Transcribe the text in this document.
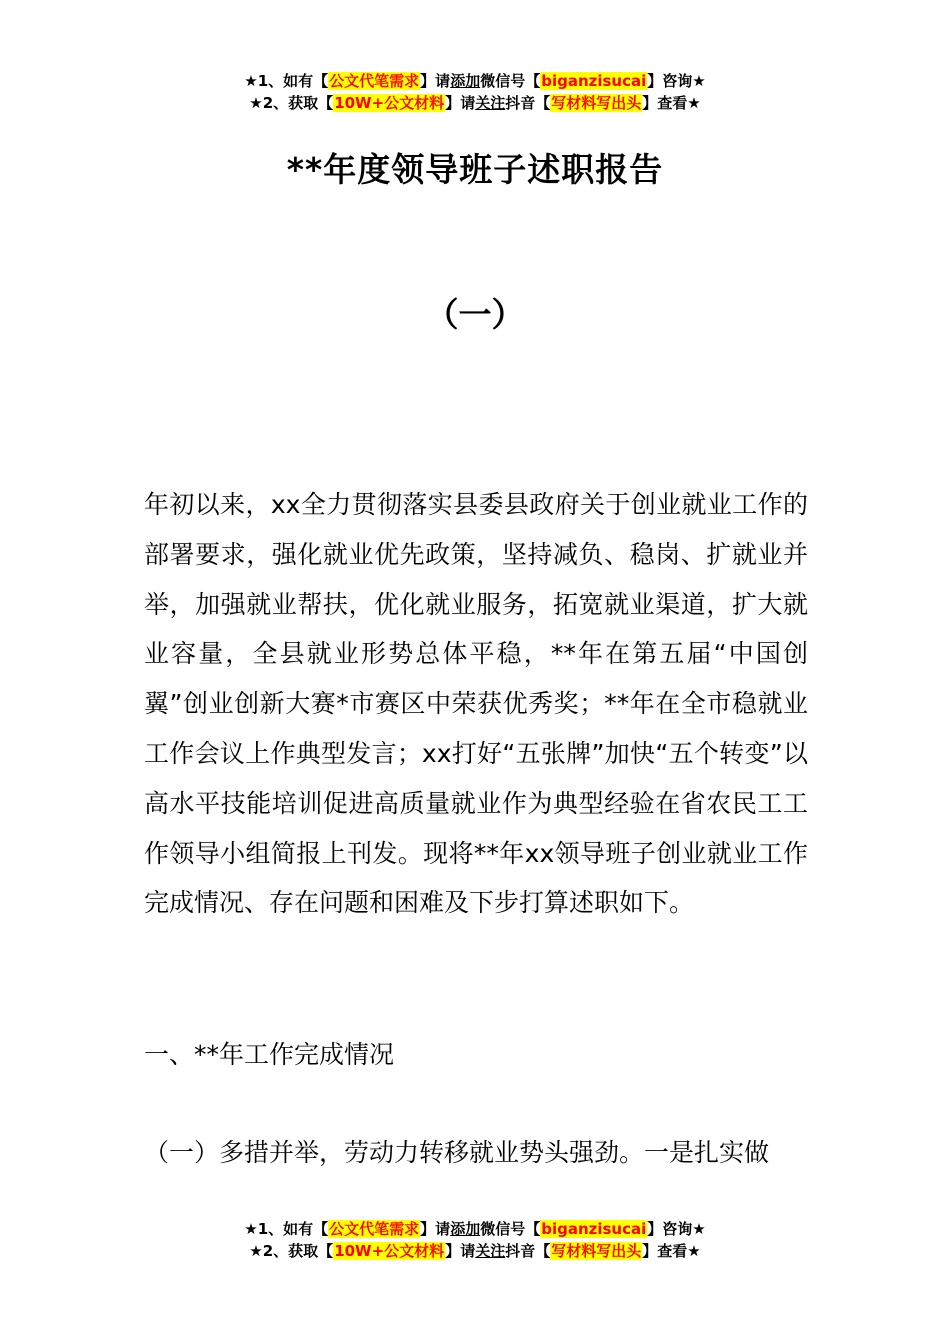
★1、如有【公文代笔需求】请添加微信号【biganzisucai】咨询★
★2、获取【10W+公文材料】请关注抖音【写材料写出头】查看★
**年度领导班子述职报告
（一）

年初以来，xx全力贯彻落实县委县政府关于创业就业工作的部署要求，强化就业优先政策，坚持减负、稳岗、扩就业并举，加强就业帮扶，优化就业服务，拓宽就业渠道，扩大就业容量，全县就业形势总体平稳，**年在第五届“中国创翼”创业创新大赛*市赛区中荣获优秀奖；**年在全市稳就业工作会议上作典型发言；xx打好“五张牌”加快“五个转变”以高水平技能培训促进高质量就业作为典型经验在省农民工工作领导小组简报上刊发。现将**年xx领导班子创业就业工作完成情况、存在问题和困难及下步打算述职如下。

一、**年工作完成情况
（一）多措并举，劳动力转移就业势头强劲。一是扎实做
★1、如有【公文代笔需求】请添加微信号【biganzisucai】咨询★
★2、获取【10W+公文材料】请关注抖音【写材料写出头】查看★
